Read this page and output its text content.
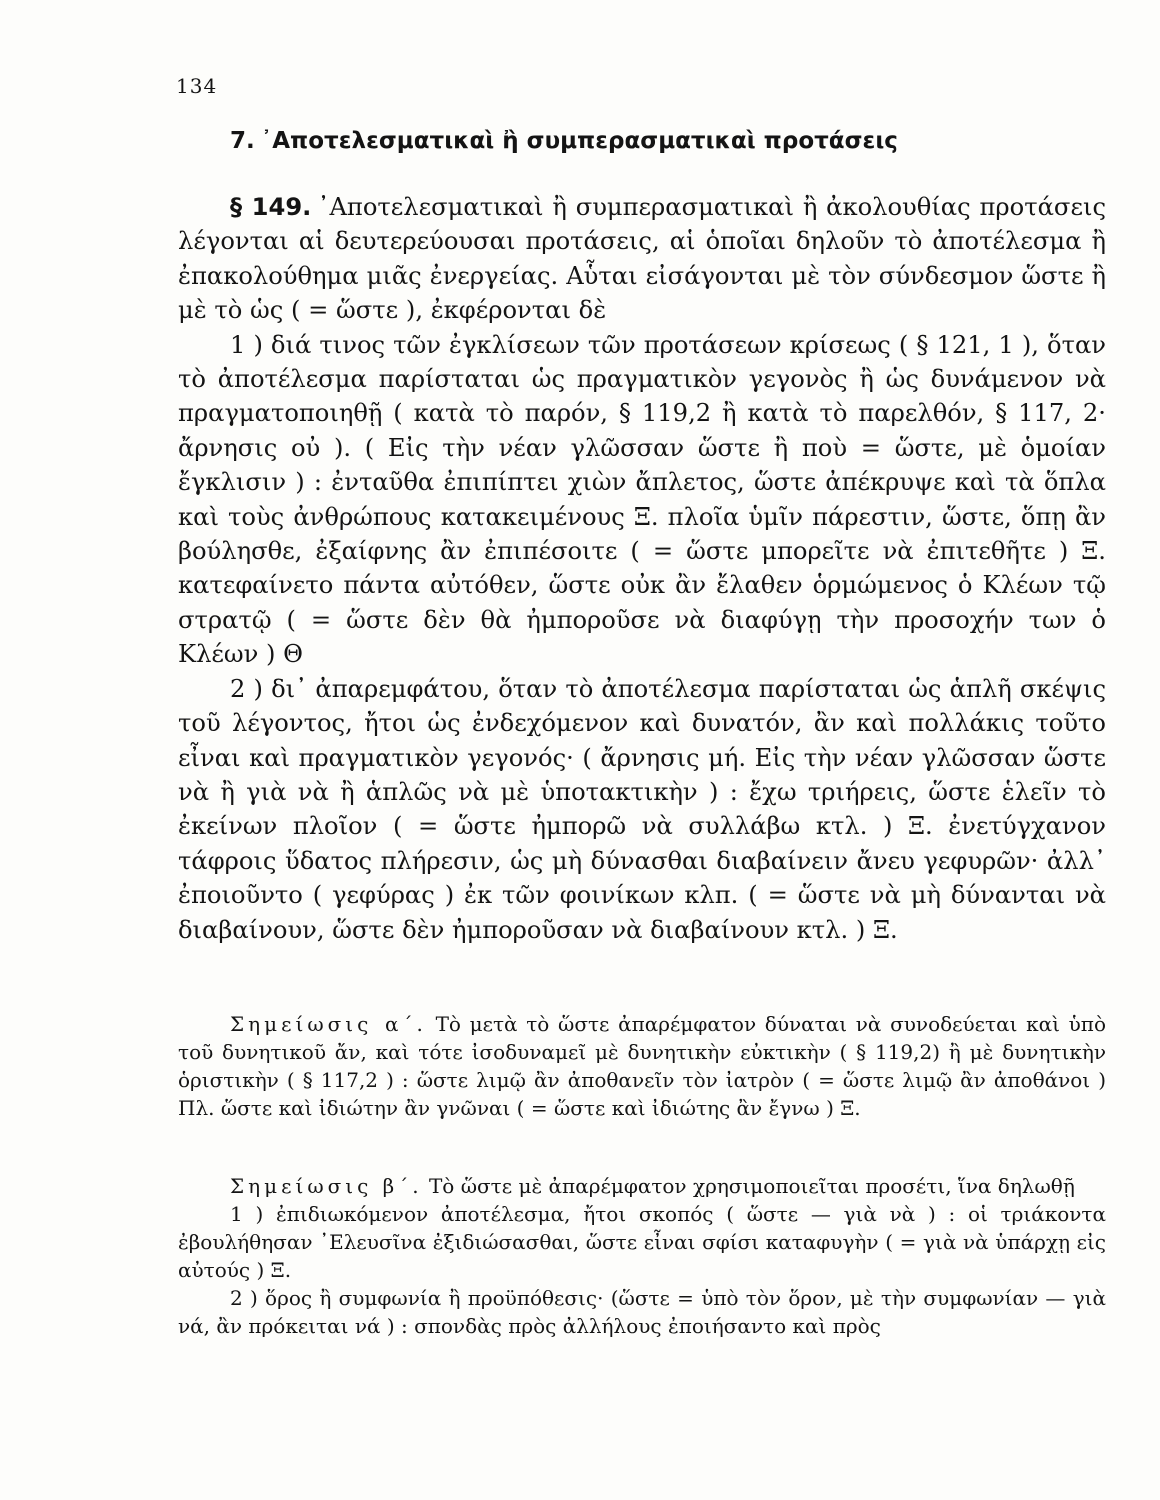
134
7. ᾿Αποτελεσματικαὶ ἢ συμπερασματικαὶ προτάσεις

§ 149. ᾿Αποτελεσματικαὶ ἢ συμπερασματικαὶ ἢ ἀκολουθίας προτάσεις λέγονται αἱ δευτερεύουσαι προτάσεις, αἱ ὁποῖαι δηλοῦν τὸ ἀποτέλεσμα ἢ ἐπακολούθημα μιᾶς ἐνεργείας. Αὗται εἰσάγονται μὲ τὸν σύνδεσμον ὥστε ἢ μὲ τὸ ὡς ( = ὥστε ), ἐκφέρονται δὲ

1 ) διά τινος τῶν ἐγκλίσεων τῶν προτάσεων κρίσεως ( § 121, 1 ), ὅταν τὸ ἀποτέλεσμα παρίσταται ὡς πραγματικὸν γεγονὸς ἢ ὡς δυνάμενον νὰ πραγματοποιηθῇ ( κατὰ τὸ παρόν, § 119,2 ἢ κατὰ τὸ παρελθόν, § 117, 2· ἄρνησις οὐ ). ( Εἰς τὴν νέαν γλῶσσαν ὥστε ἢ ποὺ = ὥστε, μὲ ὁμοίαν ἔγκλισιν ) : ἐνταῦθα ἐπιπίπτει χιὼν ἄπλετος, ὥστε ἀπέκρυψε καὶ τὰ ὅπλα καὶ τοὺς ἀνθρώπους κατακειμένους Ξ. πλοῖα ὑμῖν πάρεστιν, ὥστε, ὅπῃ ἂν βούλησθε, ἐξαίφνης ἂν ἐπιπέσοιτε ( = ὥστε μπορεῖτε νὰ ἐπιτεθῆτε ) Ξ. κατεφαίνετο πάντα αὐτόθεν, ὥστε οὐκ ἂν ἔλαθεν ὁρμώμενος ὁ Κλέων τῷ στρατῷ ( = ὥστε δὲν θὰ ἠμποροῦσε νὰ διαφύγῃ τὴν προσοχήν των ὁ Κλέων ) Θ

2 ) δι᾿ ἀπαρεμφάτου, ὅταν τὸ ἀποτέλεσμα παρίσταται ὡς ἁπλῆ σκέψις τοῦ λέγοντος, ἤτοι ὡς ἐνδεχόμενον καὶ δυνατόν, ἂν καὶ πολλάκις τοῦτο εἶναι καὶ πραγματικὸν γεγονός· ( ἄρνησις μή. Εἰς τὴν νέαν γλῶσσαν ὥστε νὰ ἢ γιὰ νὰ ἢ ἁπλῶς νὰ μὲ ὑποτακτικὴν ) : ἔχω τριήρεις, ὥστε ἑλεῖν τὸ ἐκείνων πλοῖον ( = ὥστε ἠμπορῶ νὰ συλλάβω κτλ. ) Ξ. ἐνετύγχανον τάφροις ὕδατος πλήρεσιν, ὡς μὴ δύνασθαι διαβαίνειν ἄνευ γεφυρῶν· ἀλλ᾿ ἐποιοῦντο ( γεφύρας ) ἐκ τῶν φοινίκων κλπ. ( = ὥστε νὰ μὴ δύνανται νὰ διαβαίνουν, ὥστε δὲν ἠμποροῦσαν νὰ διαβαίνουν κτλ. ) Ξ.

Σημείωσις α΄. Τὸ μετὰ τὸ ὥστε ἀπαρέμφατον δύναται νὰ συνοδεύεται καὶ ὑπὸ τοῦ δυνητικοῦ ἄν, καὶ τότε ἰσοδυναμεῖ μὲ δυνητικὴν εὐκτικὴν ( § 119,2) ἢ μὲ δυνητικὴν ὁριστικὴν ( § 117,2 ) : ὥστε λιμῷ ἂν ἀποθανεῖν τὸν ἰατρὸν ( = ὥστε λιμῷ ἂν ἀποθάνοι ) Πλ. ὥστε καὶ ἰδιώτην ἂν γνῶναι ( = ὥστε καὶ ἰδιώτης ἂν ἔγνω ) Ξ.

Σημείωσις β΄. Τὸ ὥστε μὲ ἀπαρέμφατον χρησιμοποιεῖται προσέτι, ἵνα δηλωθῇ

1 ) ἐπιδιωκόμενον ἀποτέλεσμα, ἤτοι σκοπός ( ὥστε — γιὰ νὰ ) : οἱ τριάκοντα ἐβουλήθησαν ᾿Ελευσῖνα ἐξιδιώσασθαι, ὥστε εἶναι σφίσι καταφυγὴν ( = γιὰ νὰ ὑπάρχῃ εἰς αὐτούς ) Ξ.

2 ) ὅρος ἢ συμφωνία ἢ προϋπόθεσις· (ὥστε = ὑπὸ τὸν ὅρον, μὲ τὴν συμφωνίαν — γιὰ νά, ἂν πρόκειται νά ) : σπονδὰς πρὸς ἀλλήλους ἐποιήσαντο καὶ πρὸς
